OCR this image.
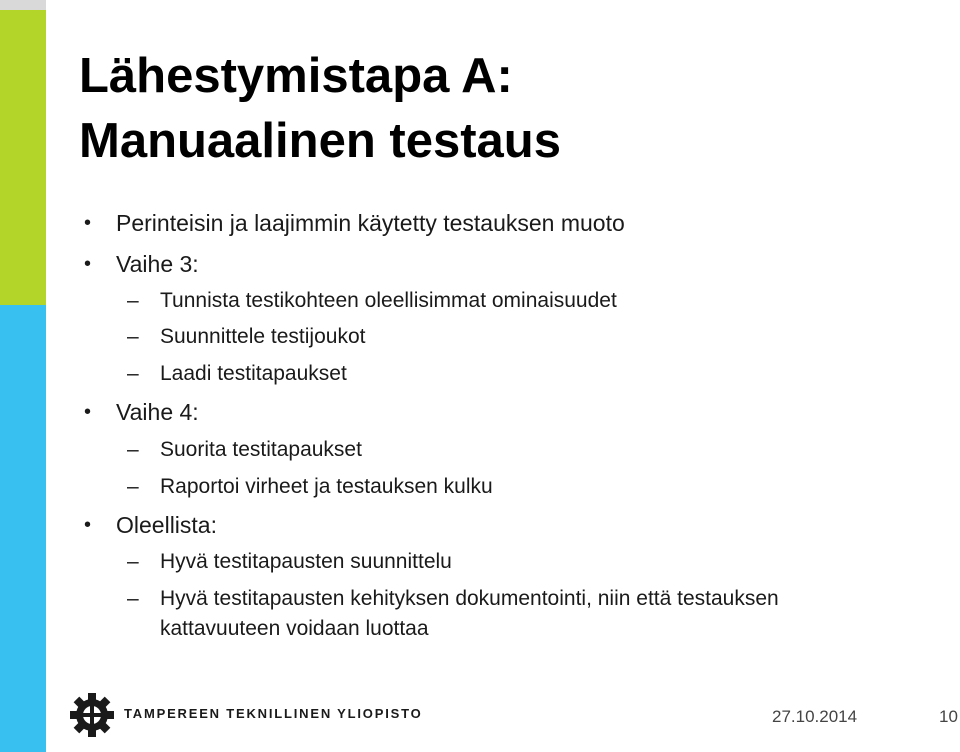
Lähestymistapa A:
Manuaalinen testaus
• Perinteisin ja laajimmin käytetty testauksen muoto
• Vaihe 3:
– Tunnista testikohteen oleellisimmat ominaisuudet
– Suunnittele testijoukot
– Laadi testitapaukset
• Vaihe 4:
– Suorita testitapaukset
– Raportoi virheet ja testauksen kulku
• Oleellista:
– Hyvä testitapausten suunnittelu
– Hyvä testitapausten kehityksen dokumentointi, niin että testauksen
kattavuuteen voidaan luottaa
TAMPEREEN TEKNILLINEN YLIOPISTO	27.10.2014	10
